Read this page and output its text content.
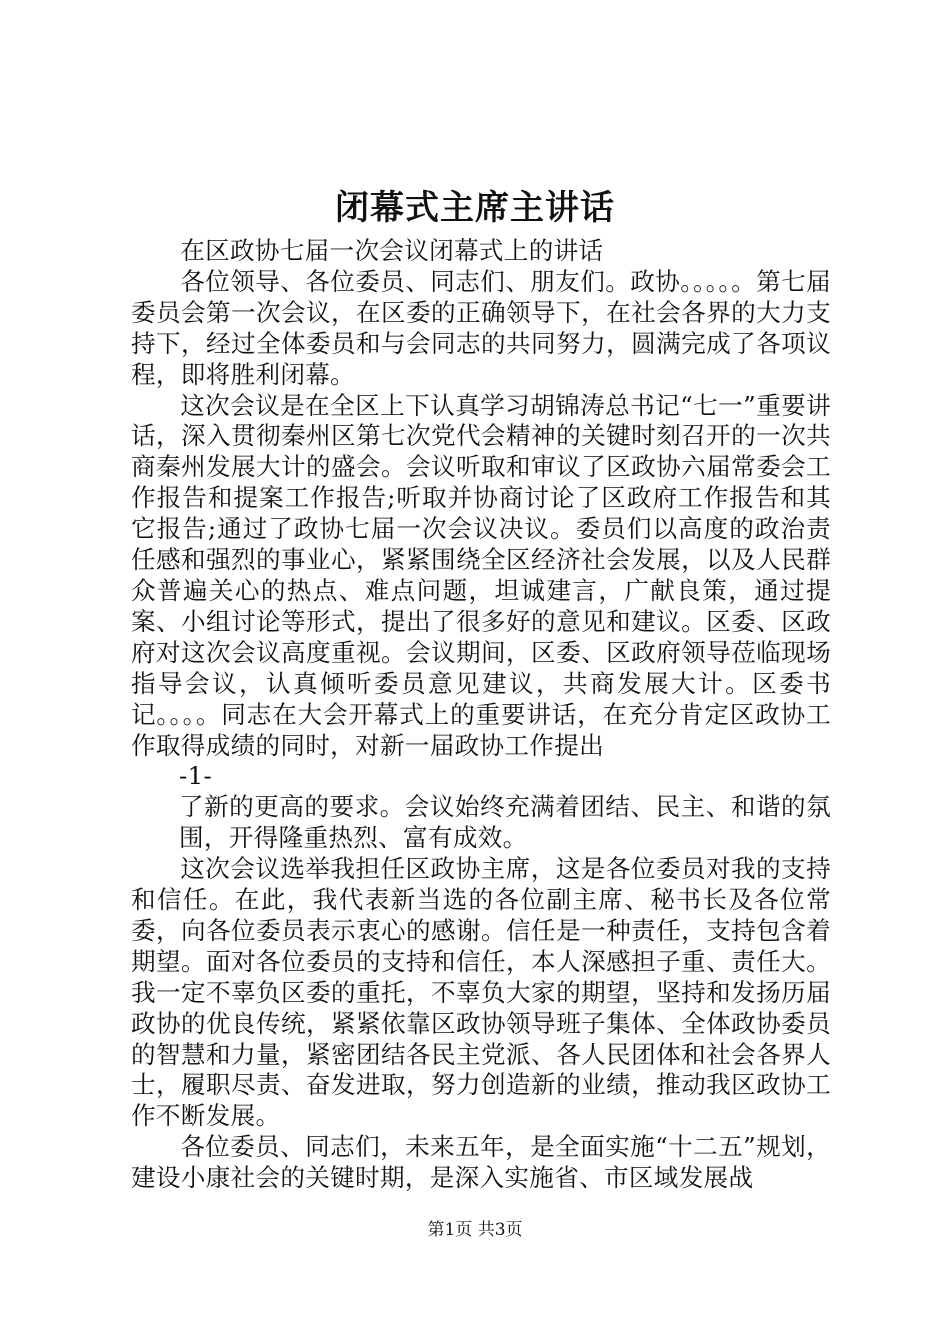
闭幕式主席主讲话

在区政协七届一次会议闭幕式上的讲话

各位领导、各位委员、同志们、朋友们。政协。。。。。第七届委员会第一次会议，在区委的正确领导下，在社会各界的大力支持下，经过全体委员和与会同志的共同努力，圆满完成了各项议程，即将胜利闭幕。

这次会议是在全区上下认真学习胡锦涛总书记“七一”重要讲话，深入贯彻秦州区第七次党代会精神的关键时刻召开的一次共商秦州发展大计的盛会。会议听取和审议了区政协六届常委会工作报告和提案工作报告;听取并协商讨论了区政府工作报告和其它报告;通过了政协七届一次会议决议。委员们以高度的政治责任感和强烈的事业心，紧紧围绕全区经济社会发展，以及人民群众普遍关心的热点、难点问题，坦诚建言，广献良策，通过提案、小组讨论等形式，提出了很多好的意见和建议。区委、区政府对这次会议高度重视。会议期间，区委、区政府领导莅临现场指导会议，认真倾听委员意见建议，共商发展大计。区委书记。。。。同志在大会开幕式上的重要讲话，在充分肯定区政协工作取得成绩的同时，对新一届政协工作提出

-1-

了新的更高的要求。会议始终充满着团结、民主、和谐的氛围，开得隆重热烈、富有成效。

这次会议选举我担任区政协主席，这是各位委员对我的支持和信任。在此，我代表新当选的各位副主席、秘书长及各位常委，向各位委员表示衷心的感谢。信任是一种责任，支持包含着期望。面对各位委员的支持和信任，本人深感担子重、责任大。我一定不辜负区委的重托，不辜负大家的期望，坚持和发扬历届政协的优良传统，紧紧依靠区政协领导班子集体、全体政协委员的智慧和力量，紧密团结各民主党派、各人民团体和社会各界人士，履职尽责、奋发进取，努力创造新的业绩，推动我区政协工作不断发展。

各位委员、同志们，未来五年，是全面实施“十二五”规划，建设小康社会的关键时期，是深入实施省、市区域发展战

第1页 共3页
